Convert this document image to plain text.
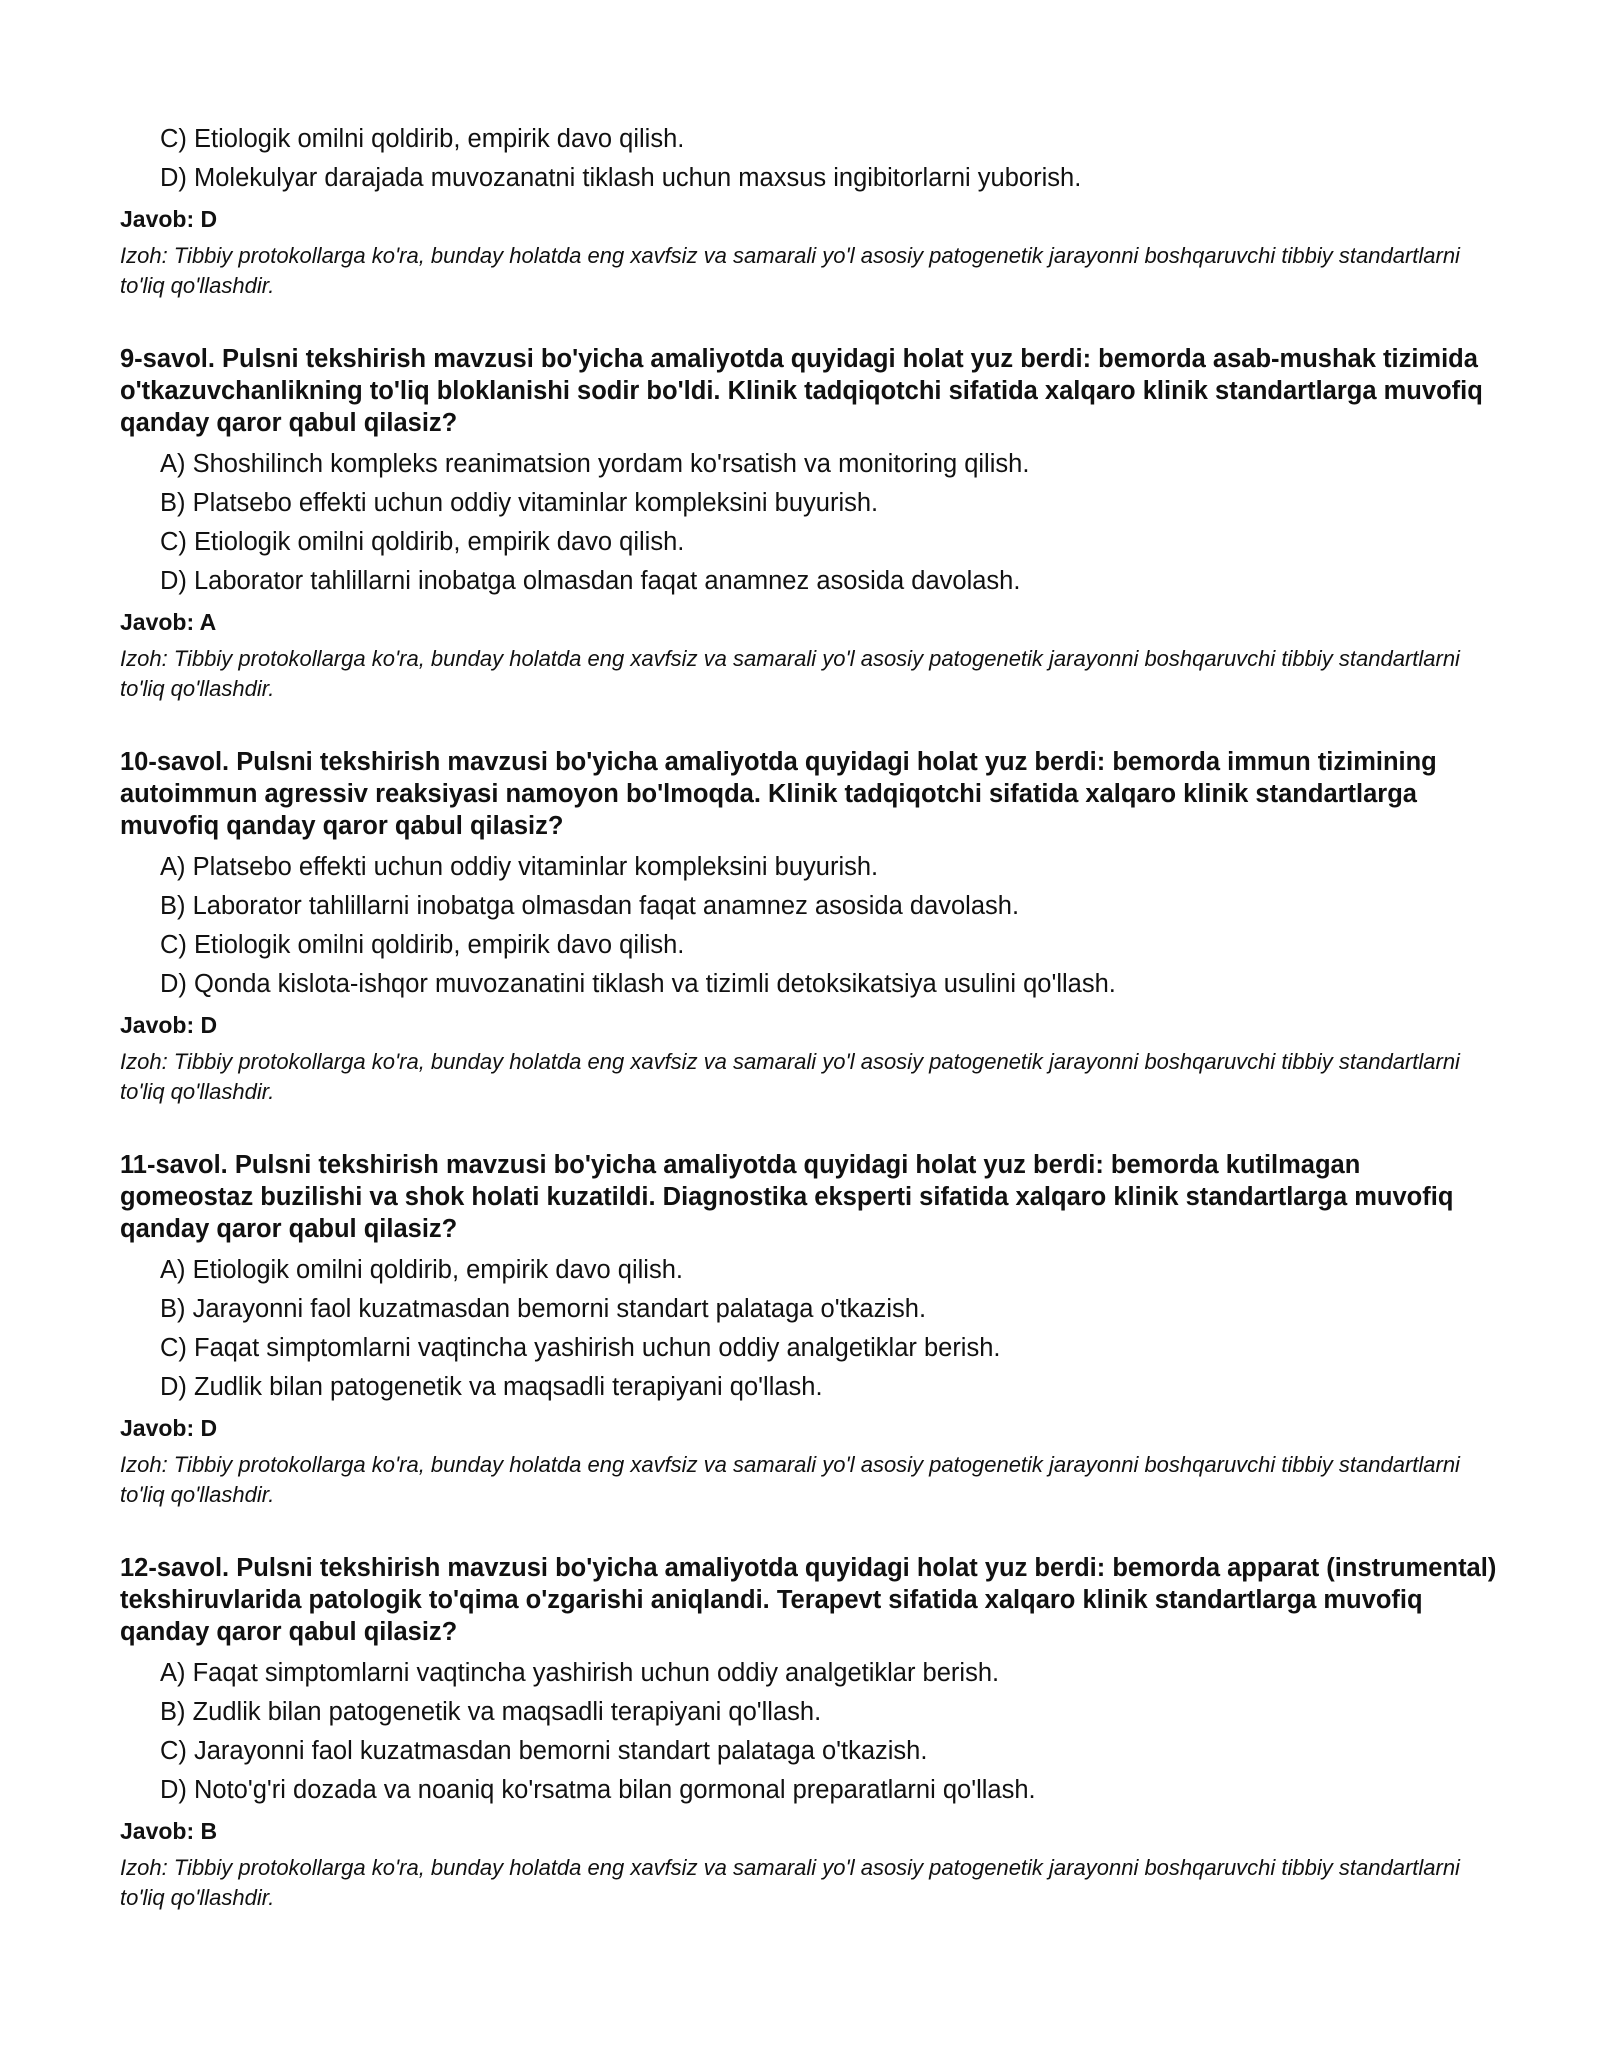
C) Etiologik omilni qoldirib, empirik davo qilish.
D) Molekulyar darajada muvozanatni tiklash uchun maxsus ingibitorlarni yuborish.
Javob: D
Izoh: Tibbiy protokollarga ko'ra, bunday holatda eng xavfsiz va samarali yo'l asosiy patogenetik jarayonni boshqaruvchi tibbiy standartlarni to'liq qo'llashdir.
9-savol. Pulsni tekshirish mavzusi bo'yicha amaliyotda quyidagi holat yuz berdi: bemorda asab-mushak tizimida o'tkazuvchanlikning to'liq bloklanishi sodir bo'ldi. Klinik tadqiqotchi sifatida xalqaro klinik standartlarga muvofiq qanday qaror qabul qilasiz?
A) Shoshilinch kompleks reanimatsion yordam ko'rsatish va monitoring qilish.
B) Platsebo effekti uchun oddiy vitaminlar kompleksini buyurish.
C) Etiologik omilni qoldirib, empirik davo qilish.
D) Laborator tahlillarni inobatga olmasdan faqat anamnez asosida davolash.
Javob: A
Izoh: Tibbiy protokollarga ko'ra, bunday holatda eng xavfsiz va samarali yo'l asosiy patogenetik jarayonni boshqaruvchi tibbiy standartlarni to'liq qo'llashdir.
10-savol. Pulsni tekshirish mavzusi bo'yicha amaliyotda quyidagi holat yuz berdi: bemorda immun tizimining autoimmun agressiv reaksiyasi namoyon bo'lmoqda. Klinik tadqiqotchi sifatida xalqaro klinik standartlarga muvofiq qanday qaror qabul qilasiz?
A) Platsebo effekti uchun oddiy vitaminlar kompleksini buyurish.
B) Laborator tahlillarni inobatga olmasdan faqat anamnez asosida davolash.
C) Etiologik omilni qoldirib, empirik davo qilish.
D) Qonda kislota-ishqor muvozanatini tiklash va tizimli detoksikatsiya usulini qo'llash.
Javob: D
Izoh: Tibbiy protokollarga ko'ra, bunday holatda eng xavfsiz va samarali yo'l asosiy patogenetik jarayonni boshqaruvchi tibbiy standartlarni to'liq qo'llashdir.
11-savol. Pulsni tekshirish mavzusi bo'yicha amaliyotda quyidagi holat yuz berdi: bemorda kutilmagan gomeostaz buzilishi va shok holati kuzatildi. Diagnostika eksperti sifatida xalqaro klinik standartlarga muvofiq qanday qaror qabul qilasiz?
A) Etiologik omilni qoldirib, empirik davo qilish.
B) Jarayonni faol kuzatmasdan bemorni standart palataga o'tkazish.
C) Faqat simptomlarni vaqtincha yashirish uchun oddiy analgetiklar berish.
D) Zudlik bilan patogenetik va maqsadli terapiyani qo'llash.
Javob: D
Izoh: Tibbiy protokollarga ko'ra, bunday holatda eng xavfsiz va samarali yo'l asosiy patogenetik jarayonni boshqaruvchi tibbiy standartlarni to'liq qo'llashdir.
12-savol. Pulsni tekshirish mavzusi bo'yicha amaliyotda quyidagi holat yuz berdi: bemorda apparat (instrumental) tekshiruvlarida patologik to'qima o'zgarishi aniqlandi. Terapevt sifatida xalqaro klinik standartlarga muvofiq qanday qaror qabul qilasiz?
A) Faqat simptomlarni vaqtincha yashirish uchun oddiy analgetiklar berish.
B) Zudlik bilan patogenetik va maqsadli terapiyani qo'llash.
C) Jarayonni faol kuzatmasdan bemorni standart palataga o'tkazish.
D) Noto'g'ri dozada va noaniq ko'rsatma bilan gormonal preparatlarni qo'llash.
Javob: B
Izoh: Tibbiy protokollarga ko'ra, bunday holatda eng xavfsiz va samarali yo'l asosiy patogenetik jarayonni boshqaruvchi tibbiy standartlarni to'liq qo'llashdir.
